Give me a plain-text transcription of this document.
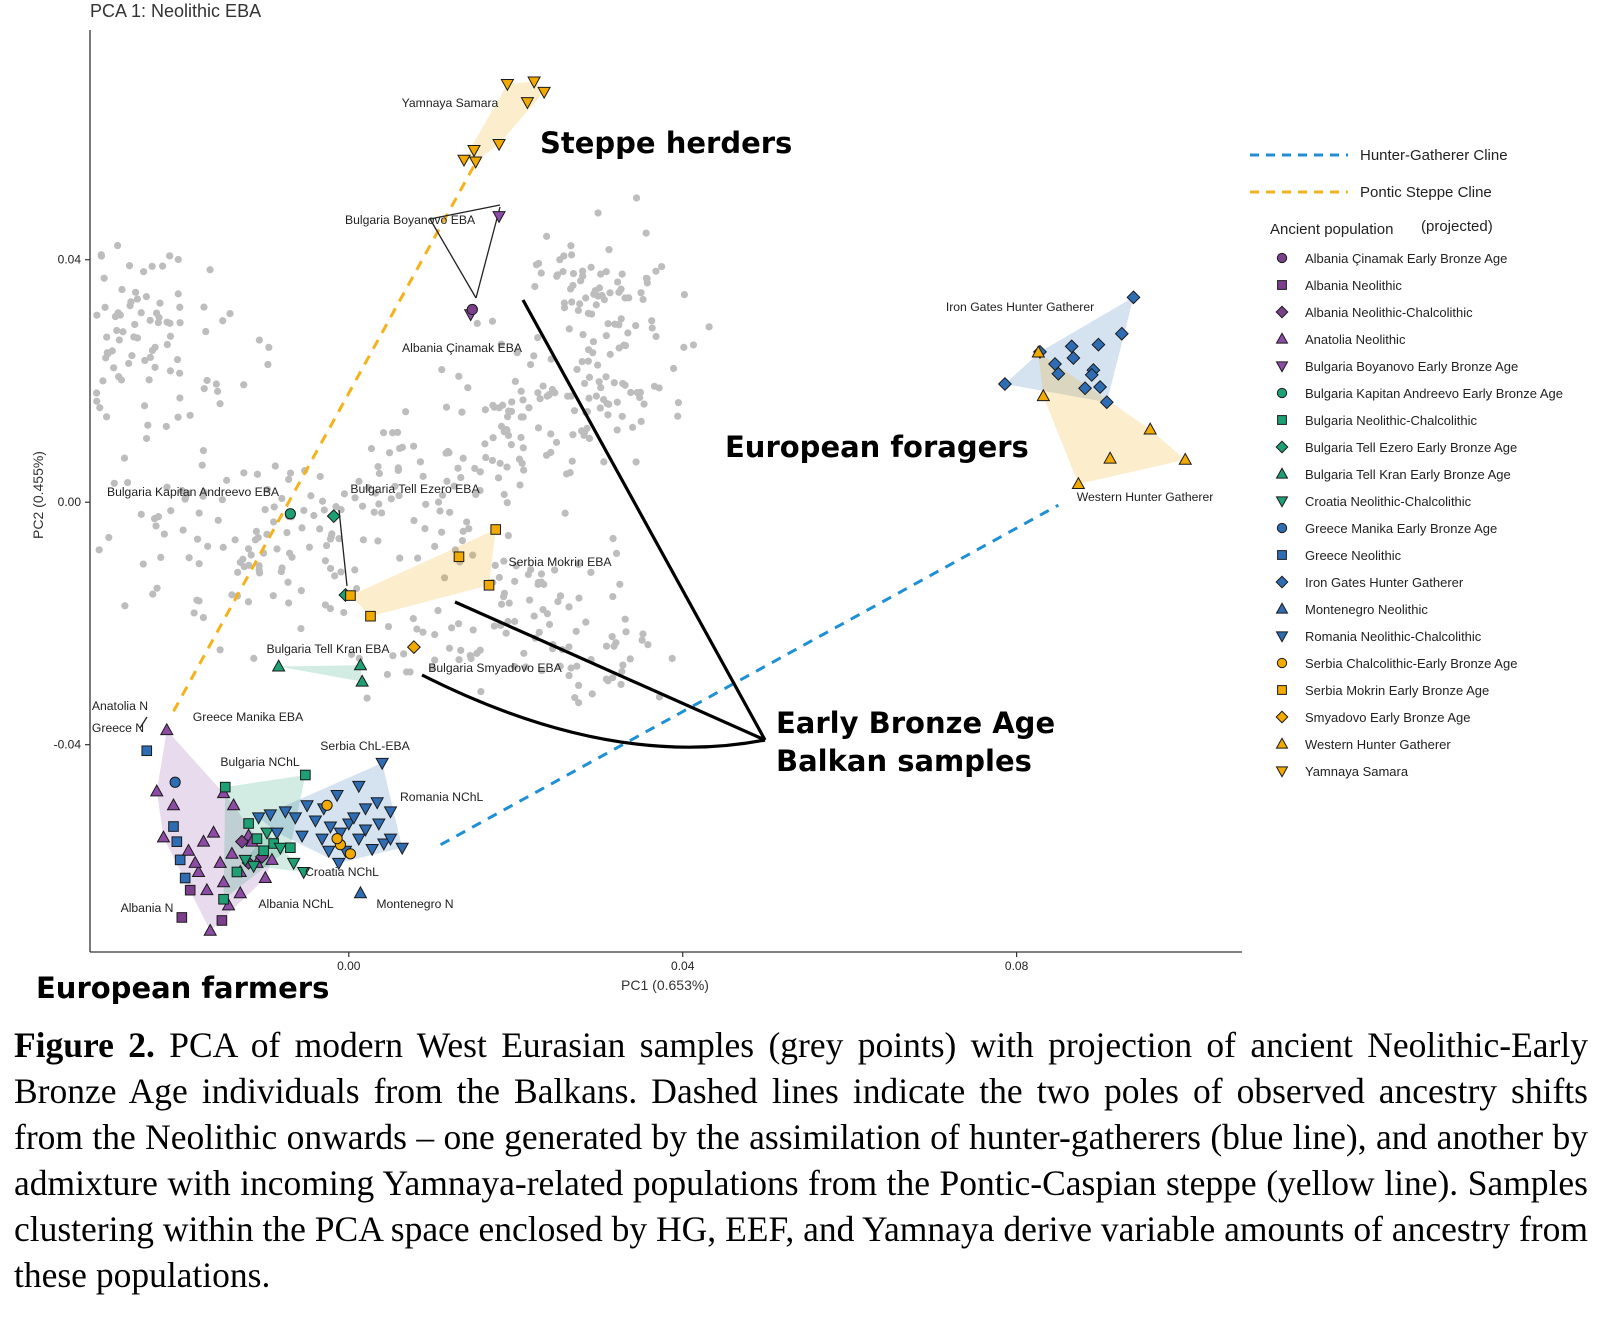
PCA 1: Neolithic EBA
PC1 (0.653%)
PC2 (0.455%)
0.00	0.04	0.08
0.04
0.00
-0.04
Yamnaya Samara
Bulgaria Boyanovo EBA
Albania Çinamak EBA
Iron Gates Hunter Gatherer
Western Hunter Gatherer
Bulgaria Kapitan Andreevo EBA	Bulgaria Tell Ezero EBA
Serbia Mokrin EBA
Bulgaria Tell Kran EBA
Bulgaria Smyadovo EBA
Anatolia N
Greece N
Greece Manika EBA
Bulgaria NChL
Serbia ChL-EBA
Romania NChL
Croatia NChL
Albania NChL
Albania N	Montenegro N
Steppe herders
European foragers
Early Bronze Age
Balkan samples
European farmers
Hunter-Gatherer Cline
Pontic Steppe Cline
Ancient population (projected)
Albania Çinamak Early Bronze Age
Albania Neolithic
Albania Neolithic-Chalcolithic
Anatolia Neolithic
Bulgaria Boyanovo Early Bronze Age
Bulgaria Kapitan Andreevo Early Bronze Age
Bulgaria Neolithic-Chalcolithic
Bulgaria Tell Ezero Early Bronze Age
Bulgaria Tell Kran Early Bronze Age
Croatia Neolithic-Chalcolithic
Greece Manika Early Bronze Age
Greece Neolithic
Iron Gates Hunter Gatherer
Montenegro Neolithic
Romania Neolithic-Chalcolithic
Serbia Chalcolithic-Early Bronze Age
Serbia Mokrin Early Bronze Age
Smyadovo Early Bronze Age
Western Hunter Gatherer
Yamnaya Samara
Figure 2. PCA of modern West Eurasian samples (grey points) with projection of ancient Neolithic-Early Bronze Age individuals from the Balkans. Dashed lines indicate the two poles of observed ancestry shifts from the Neolithic onwards – one generated by the assimilation of hunter-gatherers (blue line), and another by admixture with incoming Yamnaya-related populations from the Pontic-Caspian steppe (yellow line). Samples clustering within the PCA space enclosed by HG, EEF, and Yamnaya derive variable amounts of ancestry from these populations.
